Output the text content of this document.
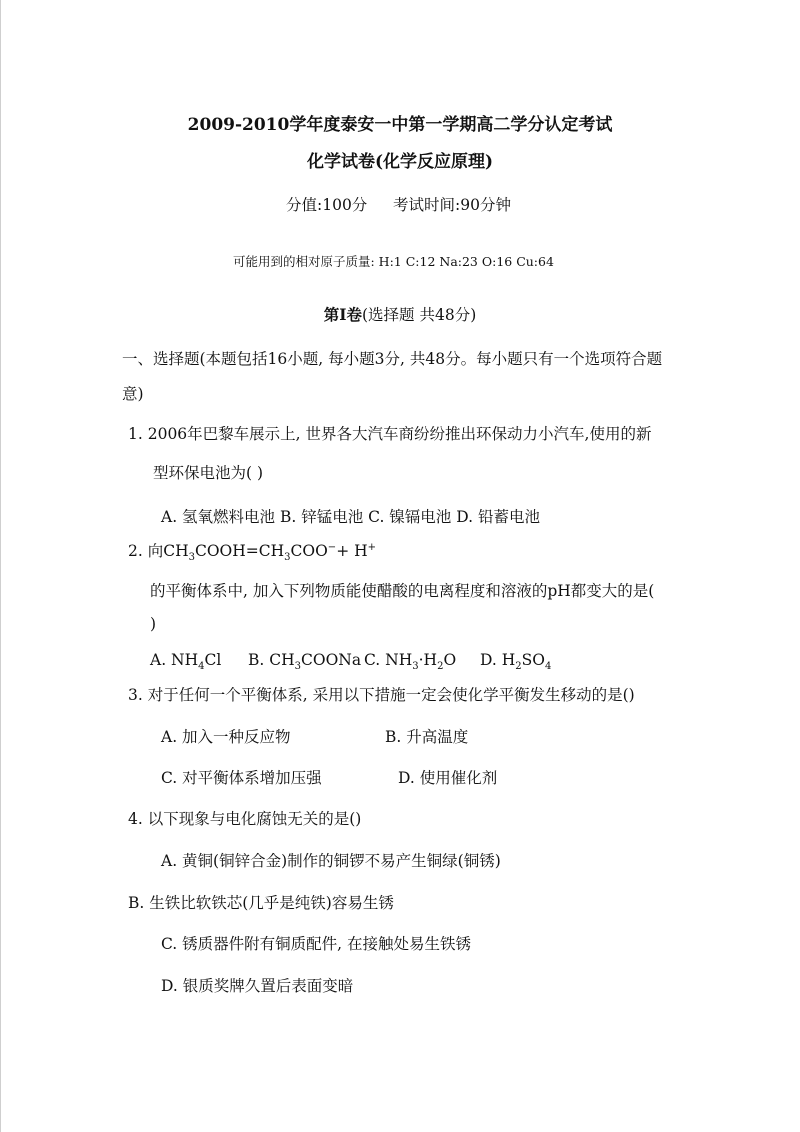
2009-2010学年度泰安一中第一学期高二学分认定考试
化学试卷(化学反应原理)
分值:100分 考试时间:90分钟
可能用到的相对原子质量: H:1 C:12 Na:23 O:16 Cu:64
第I卷(选择题 共48分)
一、选择题(本题包括16小题, 每小题3分, 共48分。每小题只有一个选项符合题
意)
1. 2006年巴黎车展示上, 世界各大汽车商纷纷推出环保动力小汽车,使用的新
型环保电池为( )
A. 氢氧燃料电池 B. 锌锰电池 C. 镍镉电池 D. 铅蓄电池
2. 向$CH_3COOH=CH_3COO^-+ H^+$
的平衡体系中, 加入下列物质能使醋酸的电离程度和溶液的pH都变大的是(
)
A. $NH_4Cl$ B. $CH_3COONa$ C. $NH_3\cdot H_2O$ D. $H_2SO_4$
3. 对于任何一个平衡体系, 采用以下措施一定会使化学平衡发生移动的是()
A. 加入一种反应物	B. 升高温度
C. 对平衡体系增加压强	D. 使用催化剂
4. 以下现象与电化腐蚀无关的是()
A. 黄铜(铜锌合金)制作的铜锣不易产生铜绿(铜锈)
B. 生铁比软铁芯(几乎是纯铁)容易生锈
C. 锈质器件附有铜质配件, 在接触处易生铁锈
D. 银质奖牌久置后表面变暗
